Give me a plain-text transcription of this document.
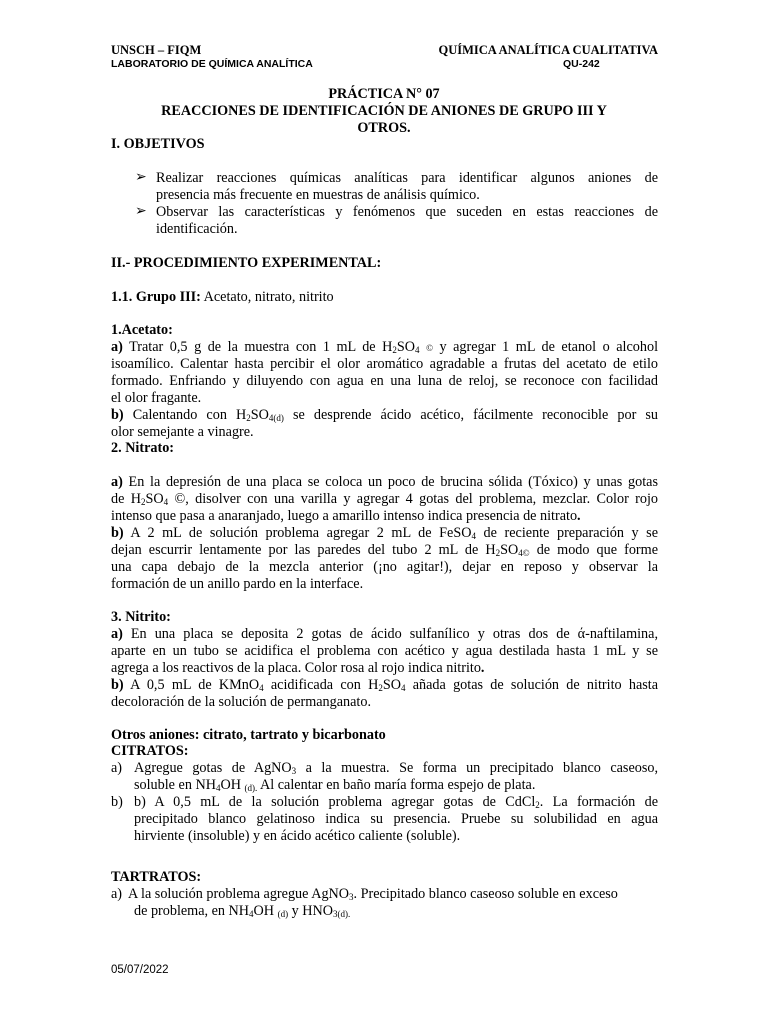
UNSCH – FIQM	QUÍMICA ANALÍTICA CUALITATIVA
LABORATORIO DE QUÍMICA ANALÍTICA	QU-242
PRÁCTICA N° 07
REACCIONES DE IDENTIFICACIÓN DE ANIONES DE GRUPO III Y
OTROS.
I. OBJETIVOS
➢ Realizar reacciones químicas analíticas para identificar algunos aniones de
presencia más frecuente en muestras de análisis químico.
➢ Observar las características y fenómenos que suceden en estas reacciones de
identificación.
II.- PROCEDIMIENTO EXPERIMENTAL:
1.1. Grupo III: Acetato, nitrato, nitrito
1.Acetato:
a) Tratar 0,5 g de la muestra con 1 mL de $H_2SO_4$ © y agregar 1 mL de etanol o alcohol
isoamílico. Calentar hasta percibir el olor aromático agradable a frutas del acetato de etilo
formado. Enfriando y diluyendo con agua en una luna de reloj, se reconoce con facilidad
el olor fragante.
b) Calentando con $H_2SO_{4(d)}$ se desprende ácido acético, fácilmente reconocible por su
olor semejante a vinagre.
2. Nitrato:
a) En la depresión de una placa se coloca un poco de brucina sólida (Tóxico) y unas gotas
de $H_2SO_4$ ©, disolver con una varilla y agregar 4 gotas del problema, mezclar. Color rojo
intenso que pasa a anaranjado, luego a amarillo intenso indica presencia de nitrato.
b) A 2 mL de solución problema agregar 2 mL de FeSO$_4$ de reciente preparación y se
dejan escurrir lentamente por las paredes del tubo 2 mL de $H_2SO_{4©}$ de modo que forme
una capa debajo de la mezcla anterior (¡no agitar!), dejar en reposo y observar la
formación de un anillo pardo en la interface.
3. Nitrito:
a) En una placa se deposita 2 gotas de ácido sulfanílico y otras dos de ά-naftilamina,
aparte en un tubo se acidifica el problema con acético y agua destilada hasta 1 mL y se
agrega a los reactivos de la placa. Color rosa al rojo indica nitrito.
b) A 0,5 mL de KMnO$_4$ acidificada con $H_2SO_4$ añada gotas de solución de nitrito hasta
decoloración de la solución de permanganato.
Otros aniones: citrato, tartrato y bicarbonato
CITRATOS:
a) Agregue gotas de AgNO$_3$ a la muestra. Se forma un precipitado blanco caseoso,
soluble en $NH_4OH$ $_{(d).}$ Al calentar en baño maría forma espejo de plata.
b) b) A 0,5 mL de la solución problema agregar gotas de CdCl$_2$. La formación de
precipitado blanco gelatinoso indica su presencia. Pruebe su solubilidad en agua
hirviente (insoluble) y en ácido acético caliente (soluble).
TARTRATOS:
a) A la solución problema agregue AgNO$_3$. Precipitado blanco caseoso soluble en exceso
de problema, en $NH_4OH$ $_{(d)}$ y $HNO_{3(d).}$
05/07/2022
